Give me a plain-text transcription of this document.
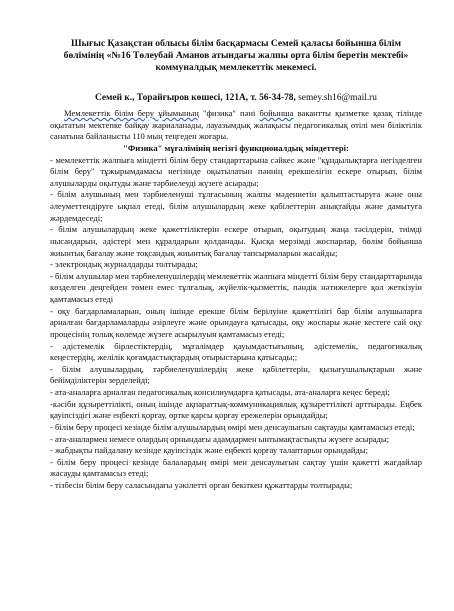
Шығыс Қазақстан облысы білім басқармасы Семей қаласы бойынша білім
бөлімінің «№16 Төлеубай Аманов атындағы жалпы орта білім беретін мектебі»
коммуналдық мемлекеттік мекемесі.
Семей к., Торайғыров көшесі, 121А, т. 56-34-78, semey.sh16@mail.ru

Мемлекеттік білім беру ұйымының "физика" пәні бойынша вакантты қызметке қазақ тілінде оқытатын мектепке байқау жариаланады, лауазымдық жалақысы педагогикалық өтілі мен біліктілік санатына байланысты 110 мың теңгеден жоғары.

"Физика" мұғалімінің негізгі функционалдық міндеттері:

- мемлекеттік жалпыға міндетті білім беру стандарттарына сәйкес және "құндылықтарға негізделген білім беру" тұжырымдамасы негізінде оқытылатын пәннің ерекшелігін ескере отырып, білім алушыларды оқытуды және тәрбиелеуді жүзеге асырады;

- білім алушының мен тәрбиеленуші тұлғасының жалпы мәдениетін қалыптастыруға және оны әлеуметтендіруге ықпал етеді, білім алушылардың жеке қабілеттерін анықтайды және дамытуға жәрдемдеседі;

- білім алушылардың жеке қажеттіліктерін ескере отырып, оқытудың жаңа тәсілдерін, тиімді нысандарын, әдістері мен құралдарын қолданады. Қысқа мерзімді жоспарлар, бөлім бойынша жиынтық бағалау және тоқсандық жиынтық бағалау тапсырмаларын жасайды;

- электрондық журналдарды толтырады;

- білім алушылар мен тәрбиеленушілердің мемлекеттік жалпыға міндетті білім беру стандарттарында көзделген деңгейден төмен емес тұлғалық, жүйелік-қызметтік, пәндік нәтижелерге қол жеткізуін қамтамасыз етеді

- оқу бағдарламаларын, оның ішінде ерекше білім берілуіне қажеттілігі бар білім алушыларға арналған бағдарламаларды әзірлеуге және орындауға қатысады, оқу жоспары және кестеге сай оқу процесінің толық көлемде жүзеге асырылуын қамтамасыз етеді;

- әдістемелік бірлестіктердің, мұғалімдер қауымдастығының, әдістемелік, педагогикалық кеңестердің, желілік қоғамдастықтардың отырыстарына қатысады;;

- білім алушылардың, тәрбиеленушілердің жеке қабілеттерін, қызығушылықтарын және бейімділіктерін зерделейді;

- ата-аналарға арналған педагогикалық консилиумдарға қатысады, ата-аналарға кеңес береді;

-кәсіби құзыреттілікті, оның ішінде ақпараттық-коммуникациялық құзыреттілікті арттырады. Еңбек қауіпсіздігі және еңбекті қорғау, өртке қарсы қорғау ережелерін орындайды;

- білім беру процесі кезінде білім алушылардың өмірі мен денсаулығын сақтауды қамтамасыз етеді;

- ата-аналармен немесе олардың орнындағы адамдармен ынтымақтастықты жүзеге асырады;

- жабдықты пайдалану кезінде қауіпсіздік және еңбекті қорғау талаптарын орындайды;

- білім беру процесі кезінде балалардың өмірі мен денсаулығын сақтау үшін қажетті жағдайлар жасауды қамтамасыз етеді;

- тізбесін білім беру саласындағы уәкілетті орган бекіткен құжаттарды толтырады;
